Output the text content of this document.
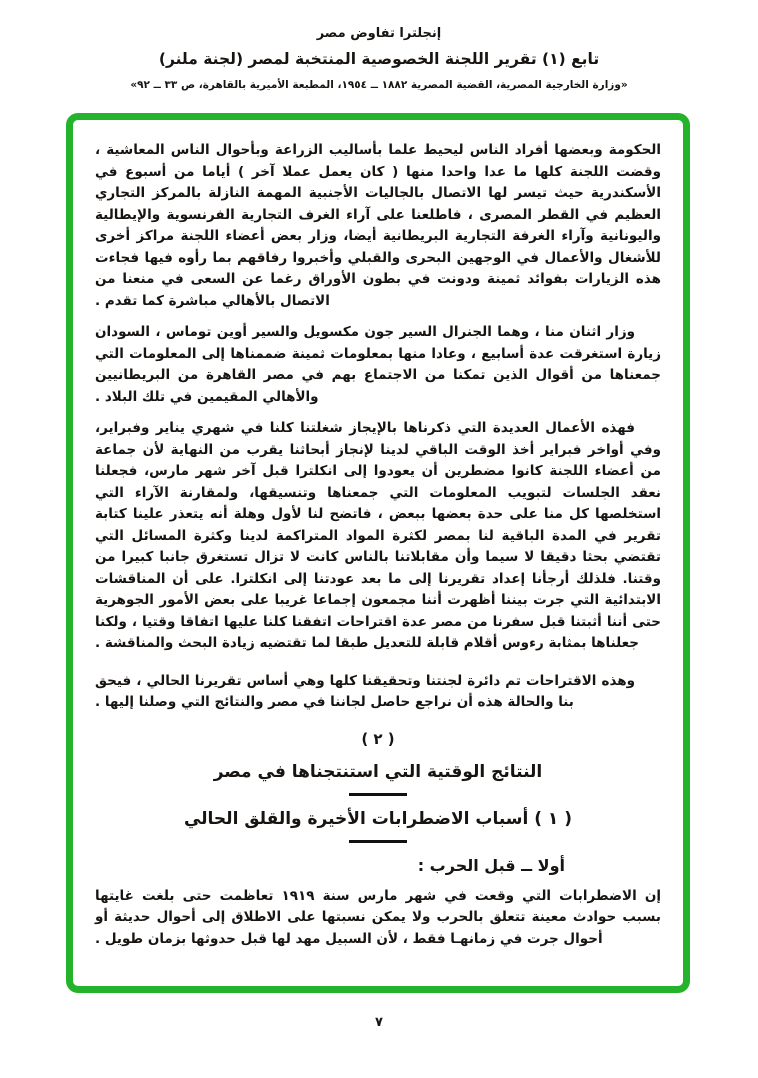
إنجلترا تفاوض مصر

تابع (١) تقرير اللجنة الخصوصية المنتخبة لمصر (لجنة ملنر)

«وزارة الخارجية المصرية، القضية المصرية ١٨٨٢ ــ ١٩٥٤، المطبعة الأميرية بالقاهرة، ص ٣٣ ــ ٩٢»

الحكومة وبعضها أفراد الناس ليحيط علما بأساليب الزراعة وبأحوال الناس المعاشية ، وقضت اللجنة كلها ما عدا واحدا منها ( كان يعمل عملا آخر ) أياما من أسبوع في الأسكندرية حيث تيسر لها الاتصال بالجاليات الأجنبية المهمة النازلة بالمركز التجاري العظيم في القطر المصرى ، فاطلعنا على آراء الغرف التجارية الفرنسوية والإيطالية واليونانية وآراء الغرفة التجارية البريطانية أيضا، وزار بعض أعضاء اللجنة مراكز أخرى للأشغال والأعمال في الوجهين البحرى والقبلي وأخبروا رفاقهم بما رأوه فيها فجاءت هذه الزيارات بفوائد ثمينة ودونت في بطون الأوراق رغما عن السعى في منعنا من الاتصال بالأهالي مباشرة كما تقدم .

وزار اثنان منا ، وهما الجنرال السير جون مكسويل والسير أوين توماس ، السودان زيارة استغرقت عدة أسابيع ، وعادا منها بمعلومات ثمينة ضممناها إلى المعلومات التي جمعناها من أقوال الذين تمكنا من الاجتماع بهم في مصر القاهرة من البريطانيين والأهالي المقيمين في تلك البلاد .

فهذه الأعمال العديدة التي ذكرناها بالإيجاز شغلتنا كلنا في شهري يناير وفبراير، وفي أواخر فبراير أخذ الوقت الباقي لدينا لإنجاز أبحاثنا يقرب من النهاية لأن جماعة من أعضاء اللجنة كانوا مضطرين أن يعودوا إلى انكلترا قبل آخر شهر مارس، فجعلنا نعقد الجلسات لتبويب المعلومات التي جمعناها وتنسيقها، ولمقارنة الآراء التي استخلصها كل منا على حدة بعضها ببعض ، فاتضح لنا لأول وهلة أنه يتعذر علينا كتابة تقرير في المدة الباقية لنا بمصر لكثرة المواد المتراكمة لدينا وكثرة المسائل التي تقتضي بحثا دقيقا لا سيما وأن مقابلاتنا بالناس كانت لا تزال تستغرق جانبا كبيرا من وقتنا. فلذلك أرجأنا إعداد تقريرنا إلى ما بعد عودتنا إلى انكلترا. على أن المناقشات الابتدائية التي جرت بيننا أظهرت أننا مجمعون إجماعا غريبا على بعض الأمور الجوهرية حتى أننا أثبتنا قبل سفرنا من مصر عدة اقتراحات اتفقنا كلنا عليها اتفاقا وقتيا ، ولكنا جعلناها بمثابة رءوس أقلام قابلة للتعديل طبقا لما تقتضيه زيادة البحث والمناقشة .

وهذه الاقتراحات تم دائرة لجنتنا وتحقيقنا كلها وهي أساس تقريرنا الحالي ، فيحق بنا والحالة هذه أن نراجع حاصل لجاننا في مصر والنتائج التي وصلنا إليها .

( ٢ )

النتائج الوقتية التي استنتجناها في مصر

( ١ ) أسباب الاضطرابات الأخيرة والقلق الحالي

أولا ــ قبل الحرب :

إن الاضطرابات التي وقعت في شهر مارس سنة ١٩١٩ تعاظمت حتى بلغت غايتها بسبب حوادث معينة تتعلق بالحرب ولا يمكن نسبتها على الاطلاق إلى أحوال حديثة أو أحوال جرت في زمانهـا فقط ، لأن السبيل مهد لها قبل حدوثها بزمان طويل .

٧
